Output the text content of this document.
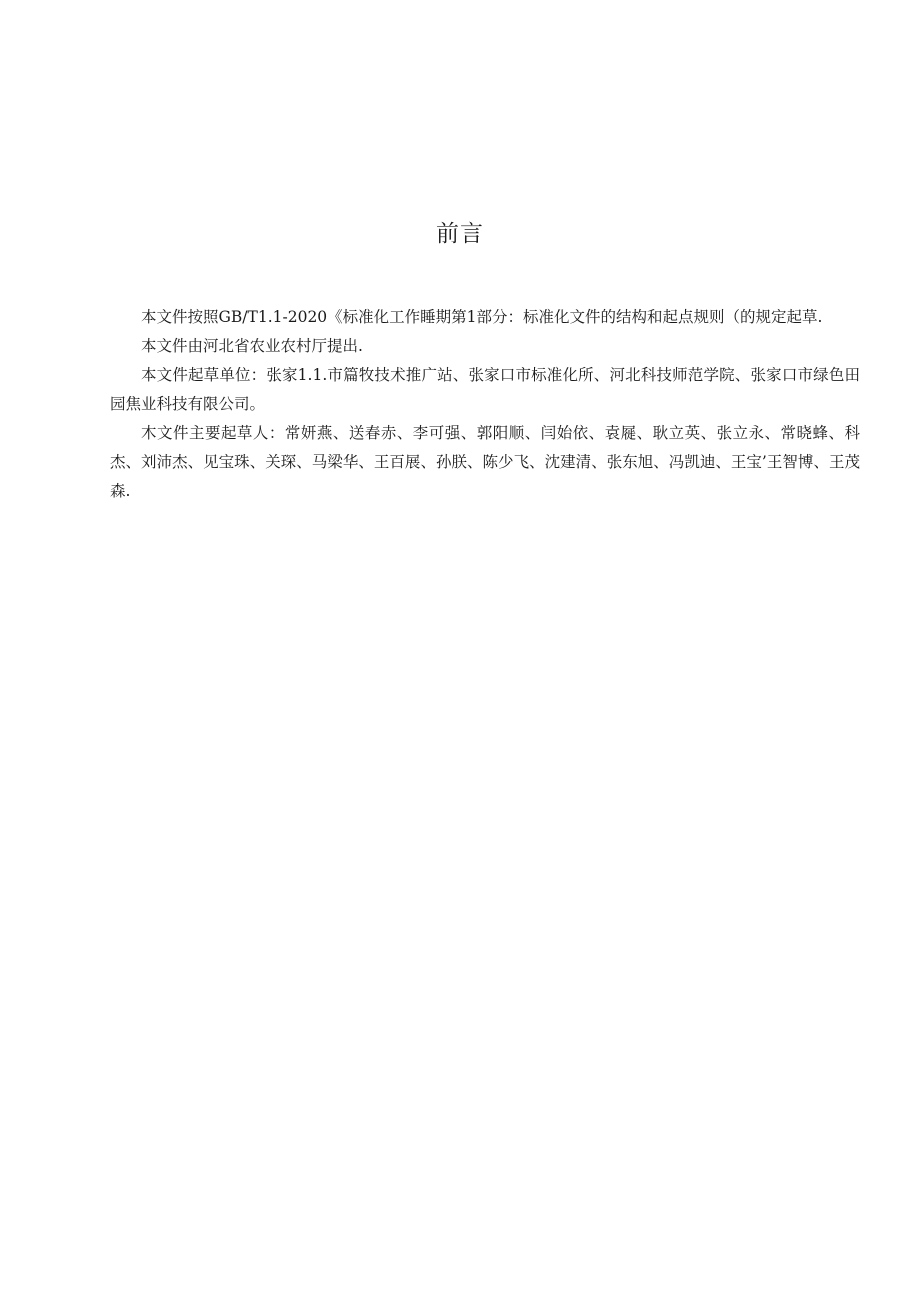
前言

本文件按照GB/T1.1-2020《标准化工作睡期第1部分：标准化文件的结构和起点规则（的规定起草.

本文件由河北省农业农村厅提出.

本文件起草单位：张家1.1.市篇牧技术推广站、张家口市标准化所、河北科技师范学院、张家口市绿色田园焦业科技有限公司。

木文件主要起草人：常妍燕、送春赤、李可强、郭阳顺、闫始依、袁屣、耿立英、张立永、常晓蜂、科杰、刘沛杰、见宝珠、关琛、马梁华、王百展、孙朕、陈少飞、沈建清、张东旭、冯凯迪、王宝’王智博、王茂森.
